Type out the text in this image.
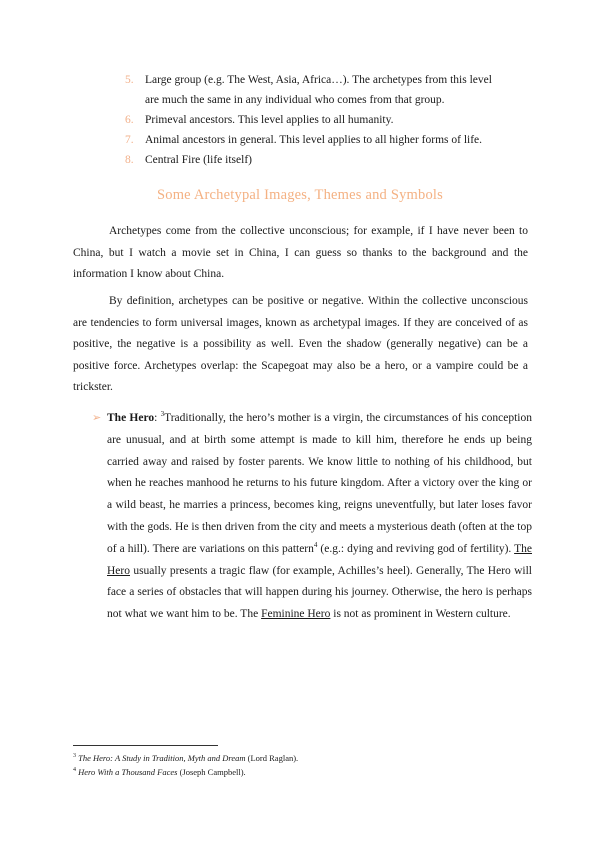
5. Large group (e.g. The West, Asia, Africa…). The archetypes from this level are much the same in any individual who comes from that group.
6. Primeval ancestors. This level applies to all humanity.
7. Animal ancestors in general. This level applies to all higher forms of life.
8. Central Fire (life itself)
Some Archetypal Images, Themes and Symbols
Archetypes come from the collective unconscious; for example, if I have never been to China, but I watch a movie set in China, I can guess so thanks to the background and the information I know about China.
By definition, archetypes can be positive or negative. Within the collective unconscious are tendencies to form universal images, known as archetypal images. If they are conceived of as positive, the negative is a possibility as well. Even the shadow (generally negative) can be a positive force. Archetypes overlap: the Scapegoat may also be a hero, or a vampire could be a trickster.
➢ The Hero: $^3$Traditionally, the hero’s mother is a virgin, the circumstances of his conception are unusual, and at birth some attempt is made to kill him, therefore he ends up being carried away and raised by foster parents. We know little to nothing of his childhood, but when he reaches manhood he returns to his future kingdom. After a victory over the king or a wild beast, he marries a princess, becomes king, reigns uneventfully, but later loses favor with the gods. He is then driven from the city and meets a mysterious death (often at the top of a hill). There are variations on this pattern$^4$ (e.g.: dying and reviving god of fertility). The Hero usually presents a tragic flaw (for example, Achilles’s heel). Generally, The Hero will face a series of obstacles that will happen during his journey. Otherwise, the hero is perhaps not what we want him to be. The Feminine Hero is not as prominent in Western culture.
$^3$ The Hero: A Study in Tradition, Myth and Dream (Lord Raglan).
$^4$ Hero With a Thousand Faces (Joseph Campbell).
